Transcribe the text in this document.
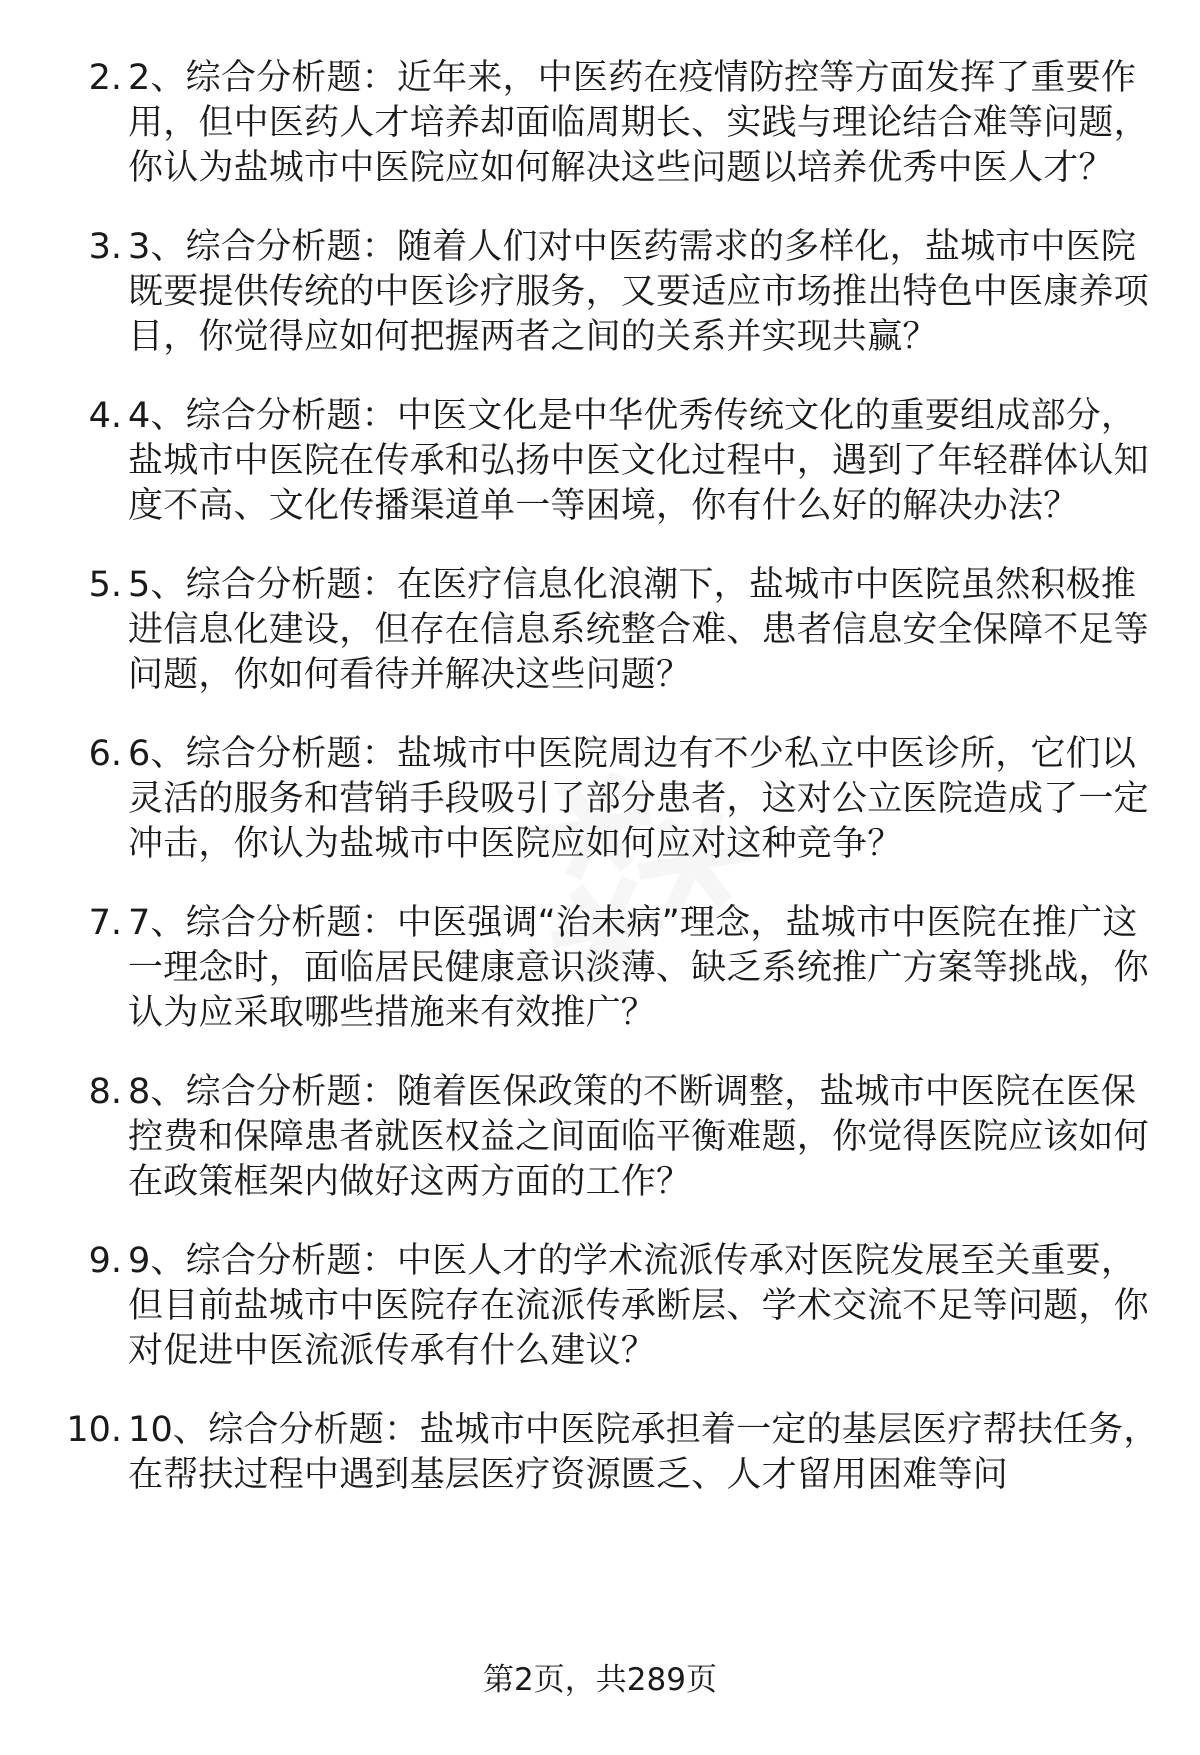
2. 2、综合分析题：近年来，中医药在疫情防控等方面发挥了重要作用，但中医药人才培养却面临周期长、实践与理论结合难等问题，你认为盐城市中医院应如何解决这些问题以培养优秀中医人才？
3. 3、综合分析题：随着人们对中医药需求的多样化，盐城市中医院既要提供传统的中医诊疗服务，又要适应市场推出特色中医康养项目，你觉得应如何把握两者之间的关系并实现共赢？
4. 4、综合分析题：中医文化是中华优秀传统文化的重要组成部分，盐城市中医院在传承和弘扬中医文化过程中，遇到了年轻群体认知度不高、文化传播渠道单一等困境，你有什么好的解决办法？
5. 5、综合分析题：在医疗信息化浪潮下，盐城市中医院虽然积极推进信息化建设，但存在信息系统整合难、患者信息安全保障不足等问题，你如何看待并解决这些问题？
6. 6、综合分析题：盐城市中医院周边有不少私立中医诊所，它们以灵活的服务和营销手段吸引了部分患者，这对公立医院造成了一定冲击，你认为盐城市中医院应如何应对这种竞争？
7. 7、综合分析题：中医强调“治未病”理念，盐城市中医院在推广这一理念时，面临居民健康意识淡薄、缺乏系统推广方案等挑战，你认为应采取哪些措施来有效推广？
8. 8、综合分析题：随着医保政策的不断调整，盐城市中医院在医保控费和保障患者就医权益之间面临平衡难题，你觉得医院应该如何在政策框架内做好这两方面的工作？
9. 9、综合分析题：中医人才的学术流派传承对医院发展至关重要，但目前盐城市中医院存在流派传承断层、学术交流不足等问题，你对促进中医流派传承有什么建议？
10. 10、综合分析题：盐城市中医院承担着一定的基层医疗帮扶任务，在帮扶过程中遇到基层医疗资源匮乏、人才留用困难等问
第2页，共289页
